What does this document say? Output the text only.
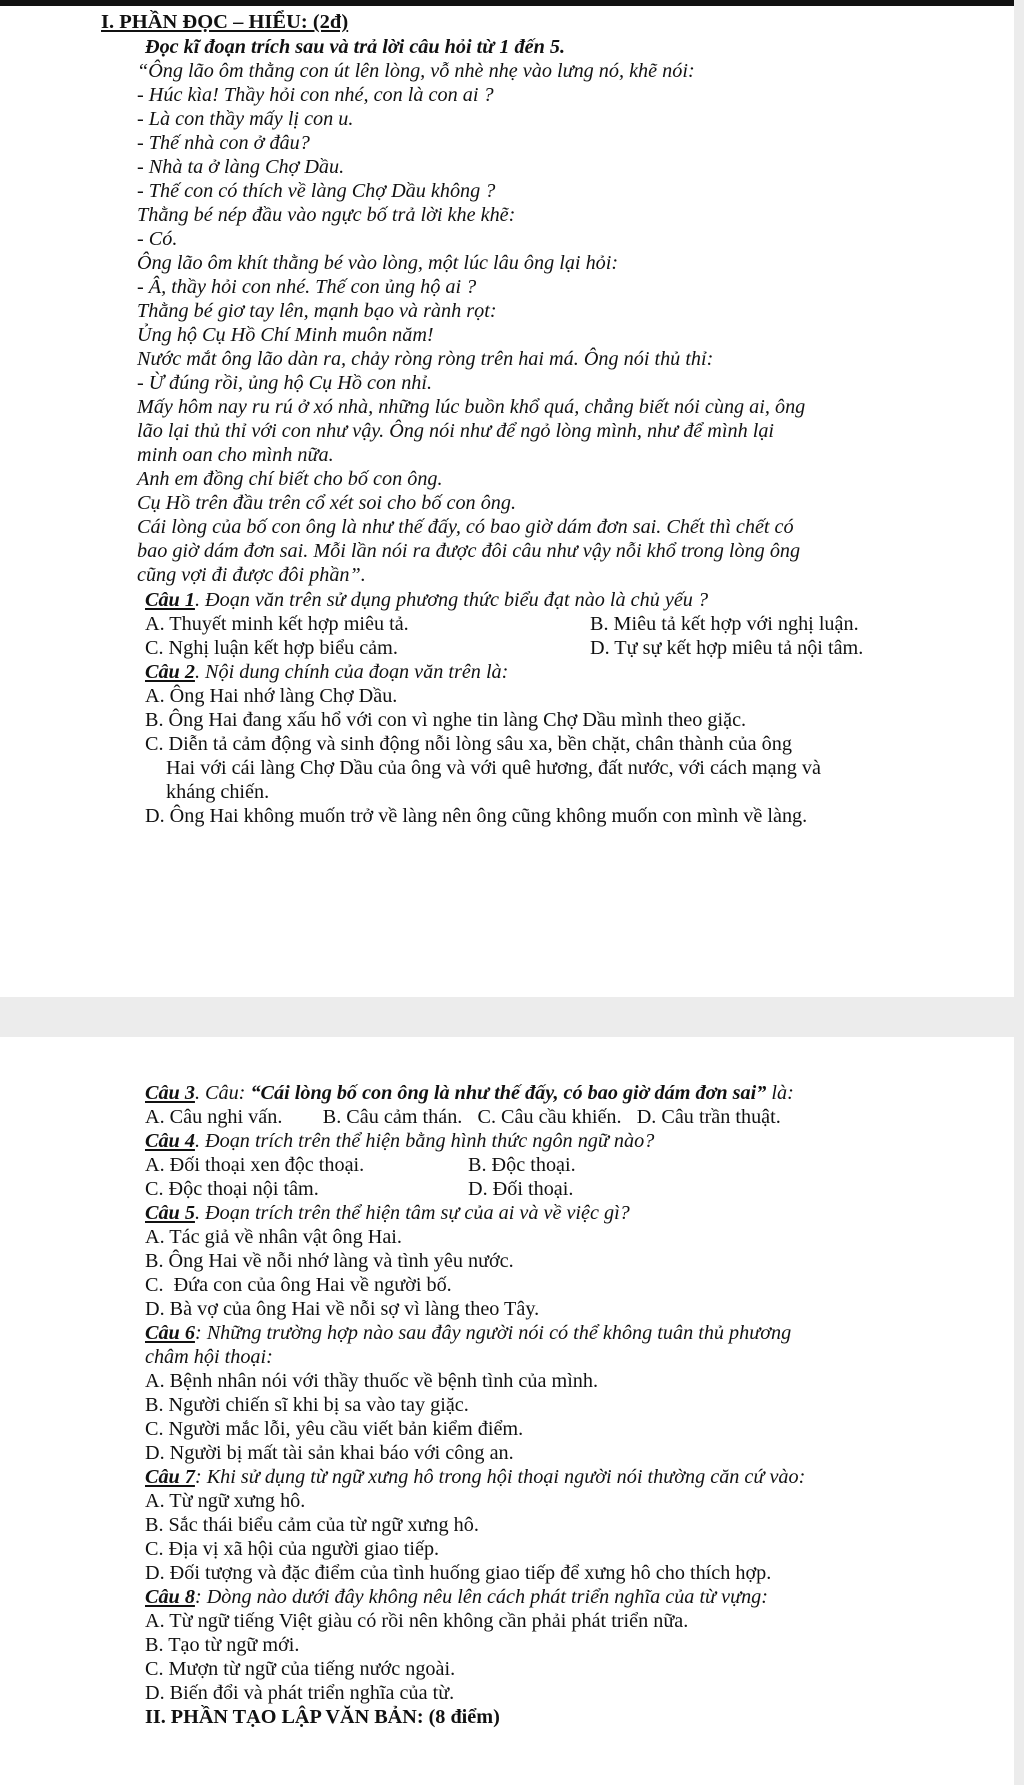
I. PHẦN ĐỌC – HIỂU: (2đ)
Đọc kĩ đoạn trích sau và trả lời câu hỏi từ 1 đến 5.
“Ông lão ôm thằng con út lên lòng, vỗ nhè nhẹ vào lưng nó, khẽ nói:
- Húc kìa! Thầy hỏi con nhé, con là con ai ?
- Là con thầy mấy lị con u.
- Thế nhà con ở đâu?
- Nhà ta ở làng Chợ Dầu.
- Thế con có thích về làng Chợ Dầu không ?
Thằng bé nép đầu vào ngực bố trả lời khe khẽ:
- Có.
Ông lão ôm khít thằng bé vào lòng, một lúc lâu ông lại hỏi:
- Â, thầy hỏi con nhé. Thế con ủng hộ ai ?
Thằng bé giơ tay lên, mạnh bạo và rành rọt:
Ủng hộ Cụ Hồ Chí Minh muôn năm!
Nước mắt ông lão dàn ra, chảy ròng ròng trên hai má. Ông nói thủ thỉ:
- Ừ đúng rồi, ủng hộ Cụ Hồ con nhỉ.
Mấy hôm nay ru rú ở xó nhà, những lúc buồn khổ quá, chẳng biết nói cùng ai, ông
lão lại thủ thỉ với con như vậy. Ông nói như để ngỏ lòng mình, như để mình lại
minh oan cho mình nữa.
Anh em đồng chí biết cho bố con ông.
Cụ Hồ trên đầu trên cổ xét soi cho bố con ông.
Cái lòng của bố con ông là như thế đấy, có bao giờ dám đơn sai. Chết thì chết có
bao giờ dám đơn sai. Mỗi lần nói ra được đôi câu như vậy nỗi khổ trong lòng ông
cũng vợi đi được đôi phần”.
Câu 1. Đoạn văn trên sử dụng phương thức biểu đạt nào là chủ yếu ?
A. Thuyết minh kết hợp miêu tả.	B. Miêu tả kết hợp với nghị luận.
C. Nghị luận kết hợp biểu cảm.	D. Tự sự kết hợp miêu tả nội tâm.
Câu 2. Nội dung chính của đoạn văn trên là:
A. Ông Hai nhớ làng Chợ Dầu.
B. Ông Hai đang xấu hổ với con vì nghe tin làng Chợ Dầu mình theo giặc.
C. Diễn tả cảm động và sinh động nỗi lòng sâu xa, bền chặt, chân thành của ông
Hai với cái làng Chợ Dầu của ông và với quê hương, đất nước, với cách mạng và
kháng chiến.
D. Ông Hai không muốn trở về làng nên ông cũng không muốn con mình về làng.
Câu 3. Câu: “Cái lòng bố con ông là như thế đấy, có bao giờ dám đơn sai” là:
A. Câu nghi vấn.        B. Câu cảm thán.   C. Câu cầu khiến.   D. Câu trần thuật.
Câu 4. Đoạn trích trên thể hiện bằng hình thức ngôn ngữ nào?
A. Đối thoại xen độc thoại.	B. Độc thoại.
C. Độc thoại nội tâm.	D. Đối thoại.
Câu 5. Đoạn trích trên thể hiện tâm sự của ai và về việc gì?
A. Tác giả về nhân vật ông Hai.
B. Ông Hai về nỗi nhớ làng và tình yêu nước.
C.  Đứa con của ông Hai về người bố.
D. Bà vợ của ông Hai về nỗi sợ vì làng theo Tây.
Câu 6: Những trường hợp nào sau đây người nói có thể không tuân thủ phương
châm hội thoại:
A. Bệnh nhân nói với thầy thuốc về bệnh tình của mình.
B. Người chiến sĩ khi bị sa vào tay giặc.
C. Người mắc lỗi, yêu cầu viết bản kiểm điểm.
D. Người bị mất tài sản khai báo với công an.
Câu 7: Khi sử dụng từ ngữ xưng hô trong hội thoại người nói thường căn cứ vào:
A. Từ ngữ xưng hô.
B. Sắc thái biểu cảm của từ ngữ xưng hô.
C. Địa vị xã hội của người giao tiếp.
D. Đối tượng và đặc điểm của tình huống giao tiếp để xưng hô cho thích hợp.
Câu 8: Dòng nào dưới đây không nêu lên cách phát triển nghĩa của từ vựng:
A. Từ ngữ tiếng Việt giàu có rồi nên không cần phải phát triển nữa.
B. Tạo từ ngữ mới.
C. Mượn từ ngữ của tiếng nước ngoài.
D. Biến đổi và phát triển nghĩa của từ.
II. PHẦN TẠO LẬP VĂN BẢN: (8 điểm)
